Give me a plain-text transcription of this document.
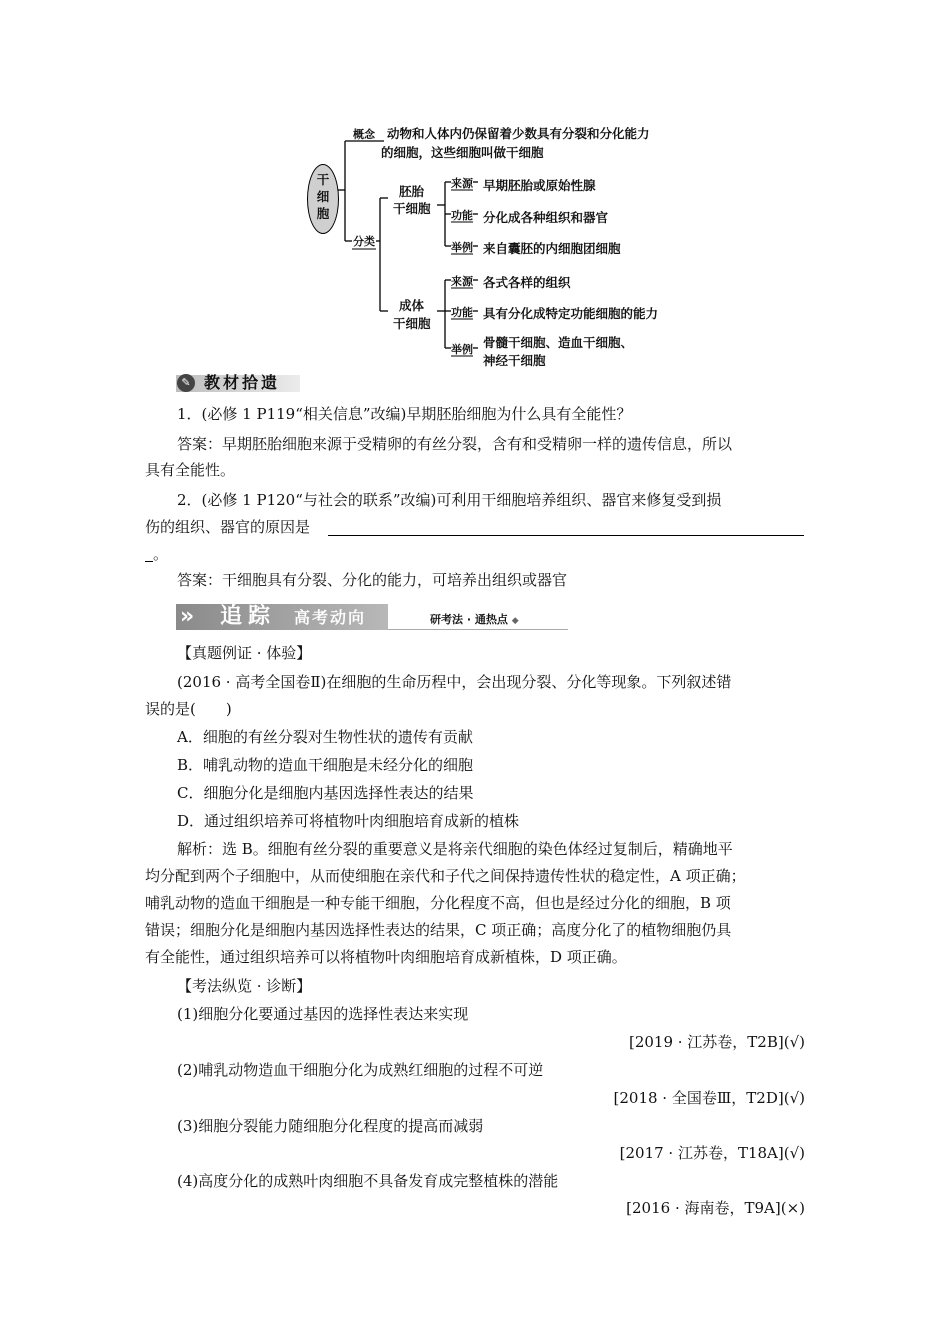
干
细
胞
概念 动物和人体内仍保留着少数具有分裂和分化能力
的细胞，这些细胞叫做干细胞
分类
胚胎
干细胞
来源 早期胚胎或原始性腺
功能 分化成各种组织和器官
举例 来自囊胚的内细胞团细胞
成体
干细胞
来源 各式各样的组织
功能 具有分化成特定功能细胞的能力
举例 骨髓干细胞、造血干细胞、
神经干细胞
✎ 教材拾遗
1．(必修 1 P119“相关信息”改编)早期胚胎细胞为什么具有全能性？
答案：早期胚胎细胞来源于受精卵的有丝分裂，含有和受精卵一样的遗传信息，所以
具有全能性。
2．(必修 1 P120“与社会的联系”改编)可利用干细胞培养组织、器官来修复受到损
伤的组织、器官的原因是
。
答案：干细胞具有分裂、分化的能力，可培养出组织或器官
» 追踪 高考动向	研考法 · 通热点 ◆
【真题例证 · 体验】
(2016 · 高考全国卷Ⅱ)在细胞的生命历程中，会出现分裂、分化等现象。下列叙述错
误的是(　　)
A．细胞的有丝分裂对生物性状的遗传有贡献
B．哺乳动物的造血干细胞是未经分化的细胞
C．细胞分化是细胞内基因选择性表达的结果
D．通过组织培养可将植物叶肉细胞培育成新的植株
解析：选 B。细胞有丝分裂的重要意义是将亲代细胞的染色体经过复制后，精确地平
均分配到两个子细胞中，从而使细胞在亲代和子代之间保持遗传性状的稳定性，A 项正确；
哺乳动物的造血干细胞是一种专能干细胞，分化程度不高，但也是经过分化的细胞，B 项
错误；细胞分化是细胞内基因选择性表达的结果，C 项正确；高度分化了的植物细胞仍具
有全能性，通过组织培养可以将植物叶肉细胞培育成新植株，D 项正确。
【考法纵览 · 诊断】
(1)细胞分化要通过基因的选择性表达来实现
[2019 · 江苏卷，T2B](√)
(2)哺乳动物造血干细胞分化为成熟红细胞的过程不可逆
[2018 · 全国卷Ⅲ，T2D](√)
(3)细胞分裂能力随细胞分化程度的提高而减弱
[2017 · 江苏卷，T18A](√)
(4)高度分化的成熟叶肉细胞不具备发育成完整植株的潜能
[2016 · 海南卷，T9A](×)
